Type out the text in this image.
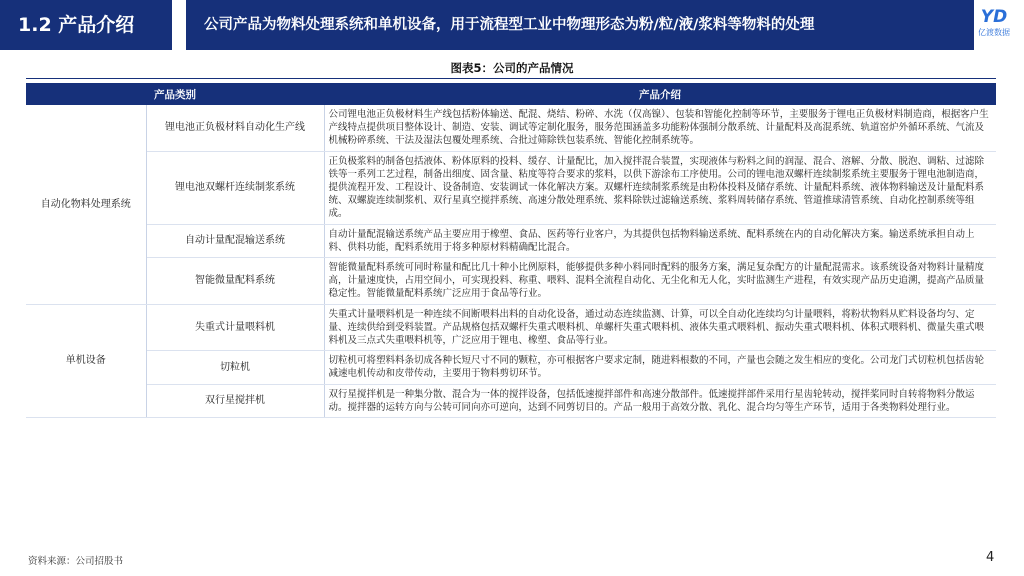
1.2 产品介绍	公司产品为物料处理系统和单机设备，用于流程型工业中物理形态为粉/粒/液/浆料等物料的处理	YD
亿渡数据
图表5：公司的产品情况
产品类别		产品介绍
自动化物料处理系统	锂电池正负极材料自动化生产线	公司锂电池正负极材料生产线包括粉体输送、配混、烧结、粉碎、水洗（仅高镍）、包装和智能化控制等环节，主要服务于锂电正负极材料制造商，根据客户生产线特点提供项目整体设计、制造、安装、调试等定制化服务，服务范围涵盖多功能粉体强制分散系统、计量配料及高混系统、轨道窑炉外循环系统、气流及机械粉碎系统、干法及湿法包覆处理系统、合批过筛除铁包装系统、智能化控制系统等。
	锂电池双螺杆连续制浆系统	正负极浆料的制备包括液体、粉体原料的投料、缓存、计量配比，加入搅拌混合装置，实现液体与粉料之间的润湿、混合、溶解、分散、脱泡、调粘、过滤除铁等一系列工艺过程，制备出细度、固含量、粘度等符合要求的浆料，以供下游涂布工序使用。公司的锂电池双螺杆连续制浆系统主要服务于锂电池制造商，提供流程开发、工程设计、设备制造、安装调试一体化解决方案。双螺杆连续制浆系统是由粉体投料及储存系统、计量配料系统、液体物料输送及计量配料系统、双螺旋连续制浆机、双行星真空搅拌系统、高速分散处理系统、浆料除铁过滤输送系统、浆料周转储存系统、管道推球清管系统、自动化控制系统等组成。
	自动计量配混输送系统	自动计量配混输送系统产品主要应用于橡塑、食品、医药等行业客户，为其提供包括物料输送系统、配料系统在内的自动化解决方案。输送系统承担自动上料、供料功能，配料系统用于将多种原材料精确配比混合。
	智能微量配料系统	智能微量配料系统可同时称量和配比几十种小比例原料，能够提供多种小料同时配料的服务方案，满足复杂配方的计量配混需求。该系统设备对物料计量精度高，计量速度快，占用空间小，可实现投料、称重、喂料、混料全流程自动化、无尘化和无人化，实时监测生产进程，有效实现产品历史追溯，提高产品质量稳定性。智能微量配料系统广泛应用于食品等行业。
单机设备	失重式计量喂料机	失重式计量喂料机是一种连续不间断喂料出料的自动化设备，通过动态连续监测、计算，可以全自动化连续均匀计量喂料，将粉状物料从贮料设备均匀、定量、连续供给到受料装置。产品规格包括双螺杆失重式喂料机、单螺杆失重式喂料机、液体失重式喂料机、振动失重式喂料机、体积式喂料机、微量失重式喂料机及三点式失重喂料机等，广泛应用于锂电、橡塑、食品等行业。
	切粒机	切粒机可将塑料料条切成各种长短尺寸不同的颗粒，亦可根据客户要求定制，随进料根数的不同，产量也会随之发生相应的变化。公司龙门式切粒机包括齿轮减速电机传动和皮带传动，主要用于物料剪切环节。
	双行星搅拌机	双行星搅拌机是一种集分散、混合为一体的搅拌设备，包括低速搅拌部件和高速分散部件。低速搅拌部件采用行星齿轮转动，搅拌桨同时自转将物料分散运动。搅拌器的运转方向与公转可同向亦可逆向，达到不同剪切目的。产品一般用于高效分散、乳化、混合均匀等生产环节，适用于各类物料处理行业。
资料来源：公司招股书	4
